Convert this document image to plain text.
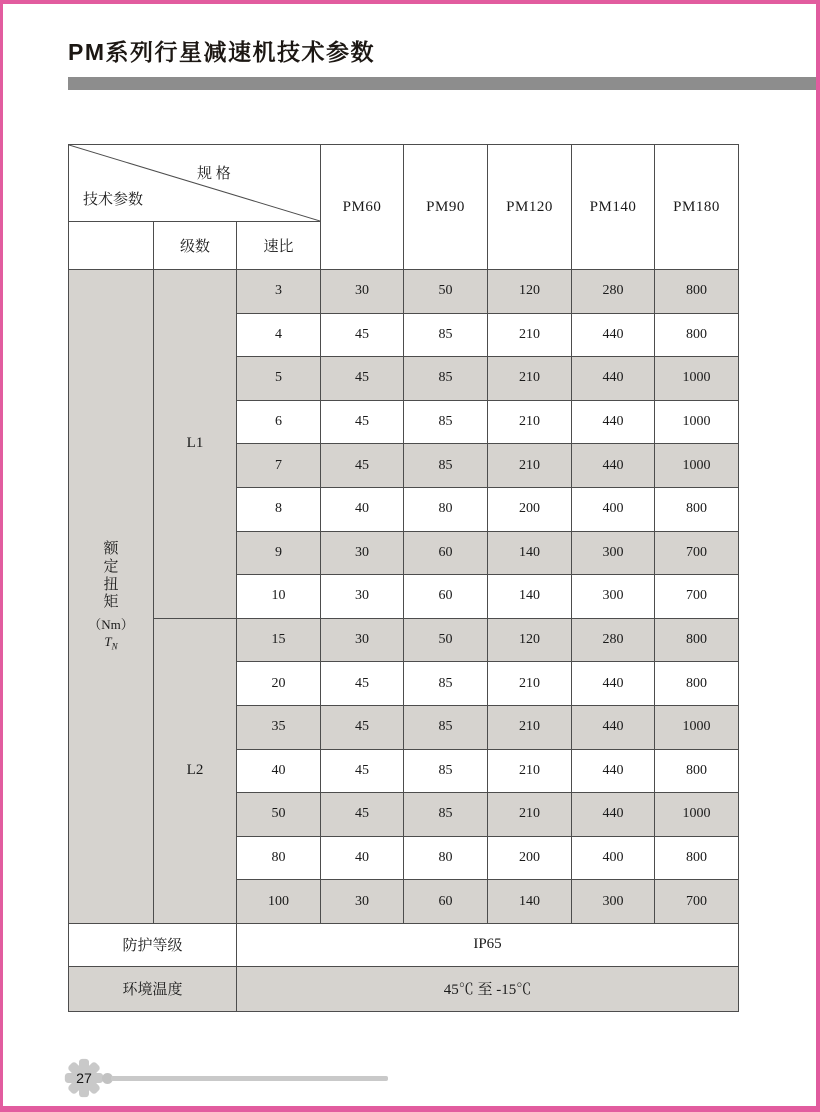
PM系列行星减速机技术参数
规 格
技术参数			PM60	PM90	PM120	PM140	PM180
	级数	速比					

额定扭矩
（Nm）
$T_N$	L1	3	30	50	120	280	800
		4	45	85	210	440	800
		5	45	85	210	440	1000
		6	45	85	210	440	1000
		7	45	85	210	440	1000
		8	40	80	200	400	800
		9	30	60	140	300	700
		10	30	60	140	300	700
	L2	15	30	50	120	280	800
		20	45	85	210	440	800
		35	45	85	210	440	1000
		40	45	85	210	440	800
		50	45	85	210	440	1000
		80	40	80	200	400	800
		100	30	60	140	300	700
防护等级		IP65					
环境温度		45℃ 至 -15℃					
27
